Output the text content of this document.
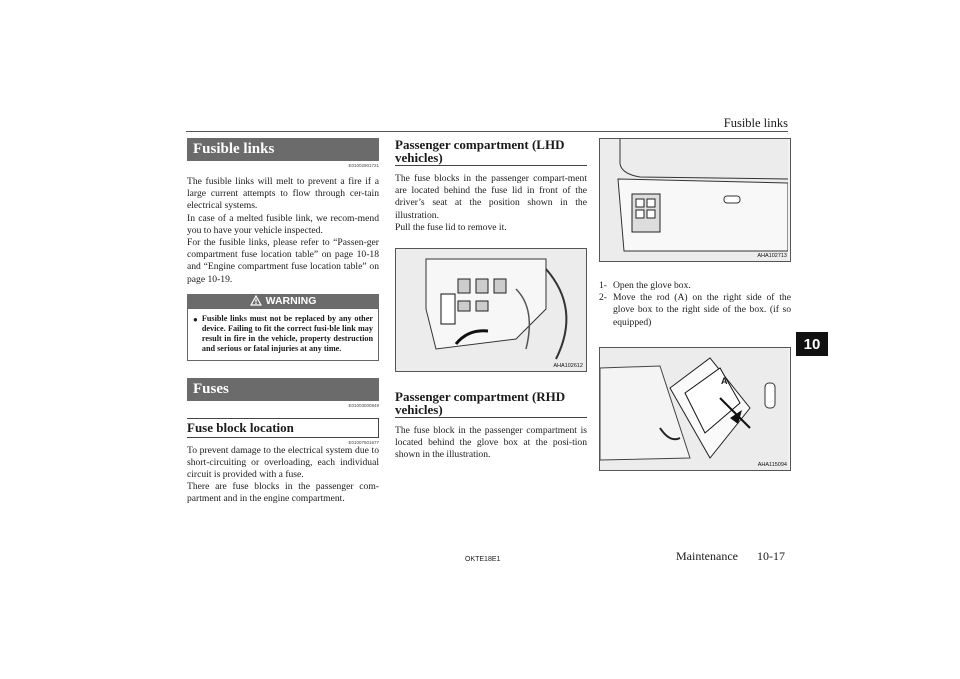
Fusible links
10
Fusible links
E01002901721

The fusible links will melt to prevent a fire if a large current attempts to flow through cer-tain electrical systems.

In case of a melted fusible link, we recom-mend you to have your vehicle inspected.

For the fusible links, please refer to “Passen-ger compartment fuse location table” on page 10-18 and “Engine compartment fuse location table” on page 10-19.

WARNING
● Fusible links must not be replaced by any other device. Failing to fit the correct fusi-ble link may result in fire in the vehicle, property destruction and serious or fatal injuries at any time.

Fuses
E01003000849
Fuse block location
E01007601677

To prevent damage to the electrical system due to short-circuiting or overloading, each individual circuit is provided with a fuse.

There are fuse blocks in the passenger com-partment and in the engine compartment.

Passenger compartment (LHD vehicles)

The fuse blocks in the passenger compart-ment are located behind the fuse lid in front of the driver’s seat at the position shown in the illustration.

Pull the fuse lid to remove it.

AHA102612
Passenger compartment (RHD vehicles)

The fuse block in the passenger compartment is located behind the glove box at the posi-tion shown in the illustration.

AHA102713
1- Open the glove box.
2- Move the rod (A) on the right side of the glove box to the right side of the box. (if so equipped)
A
AHA115094
OKTE18E1	Maintenance 10-17
